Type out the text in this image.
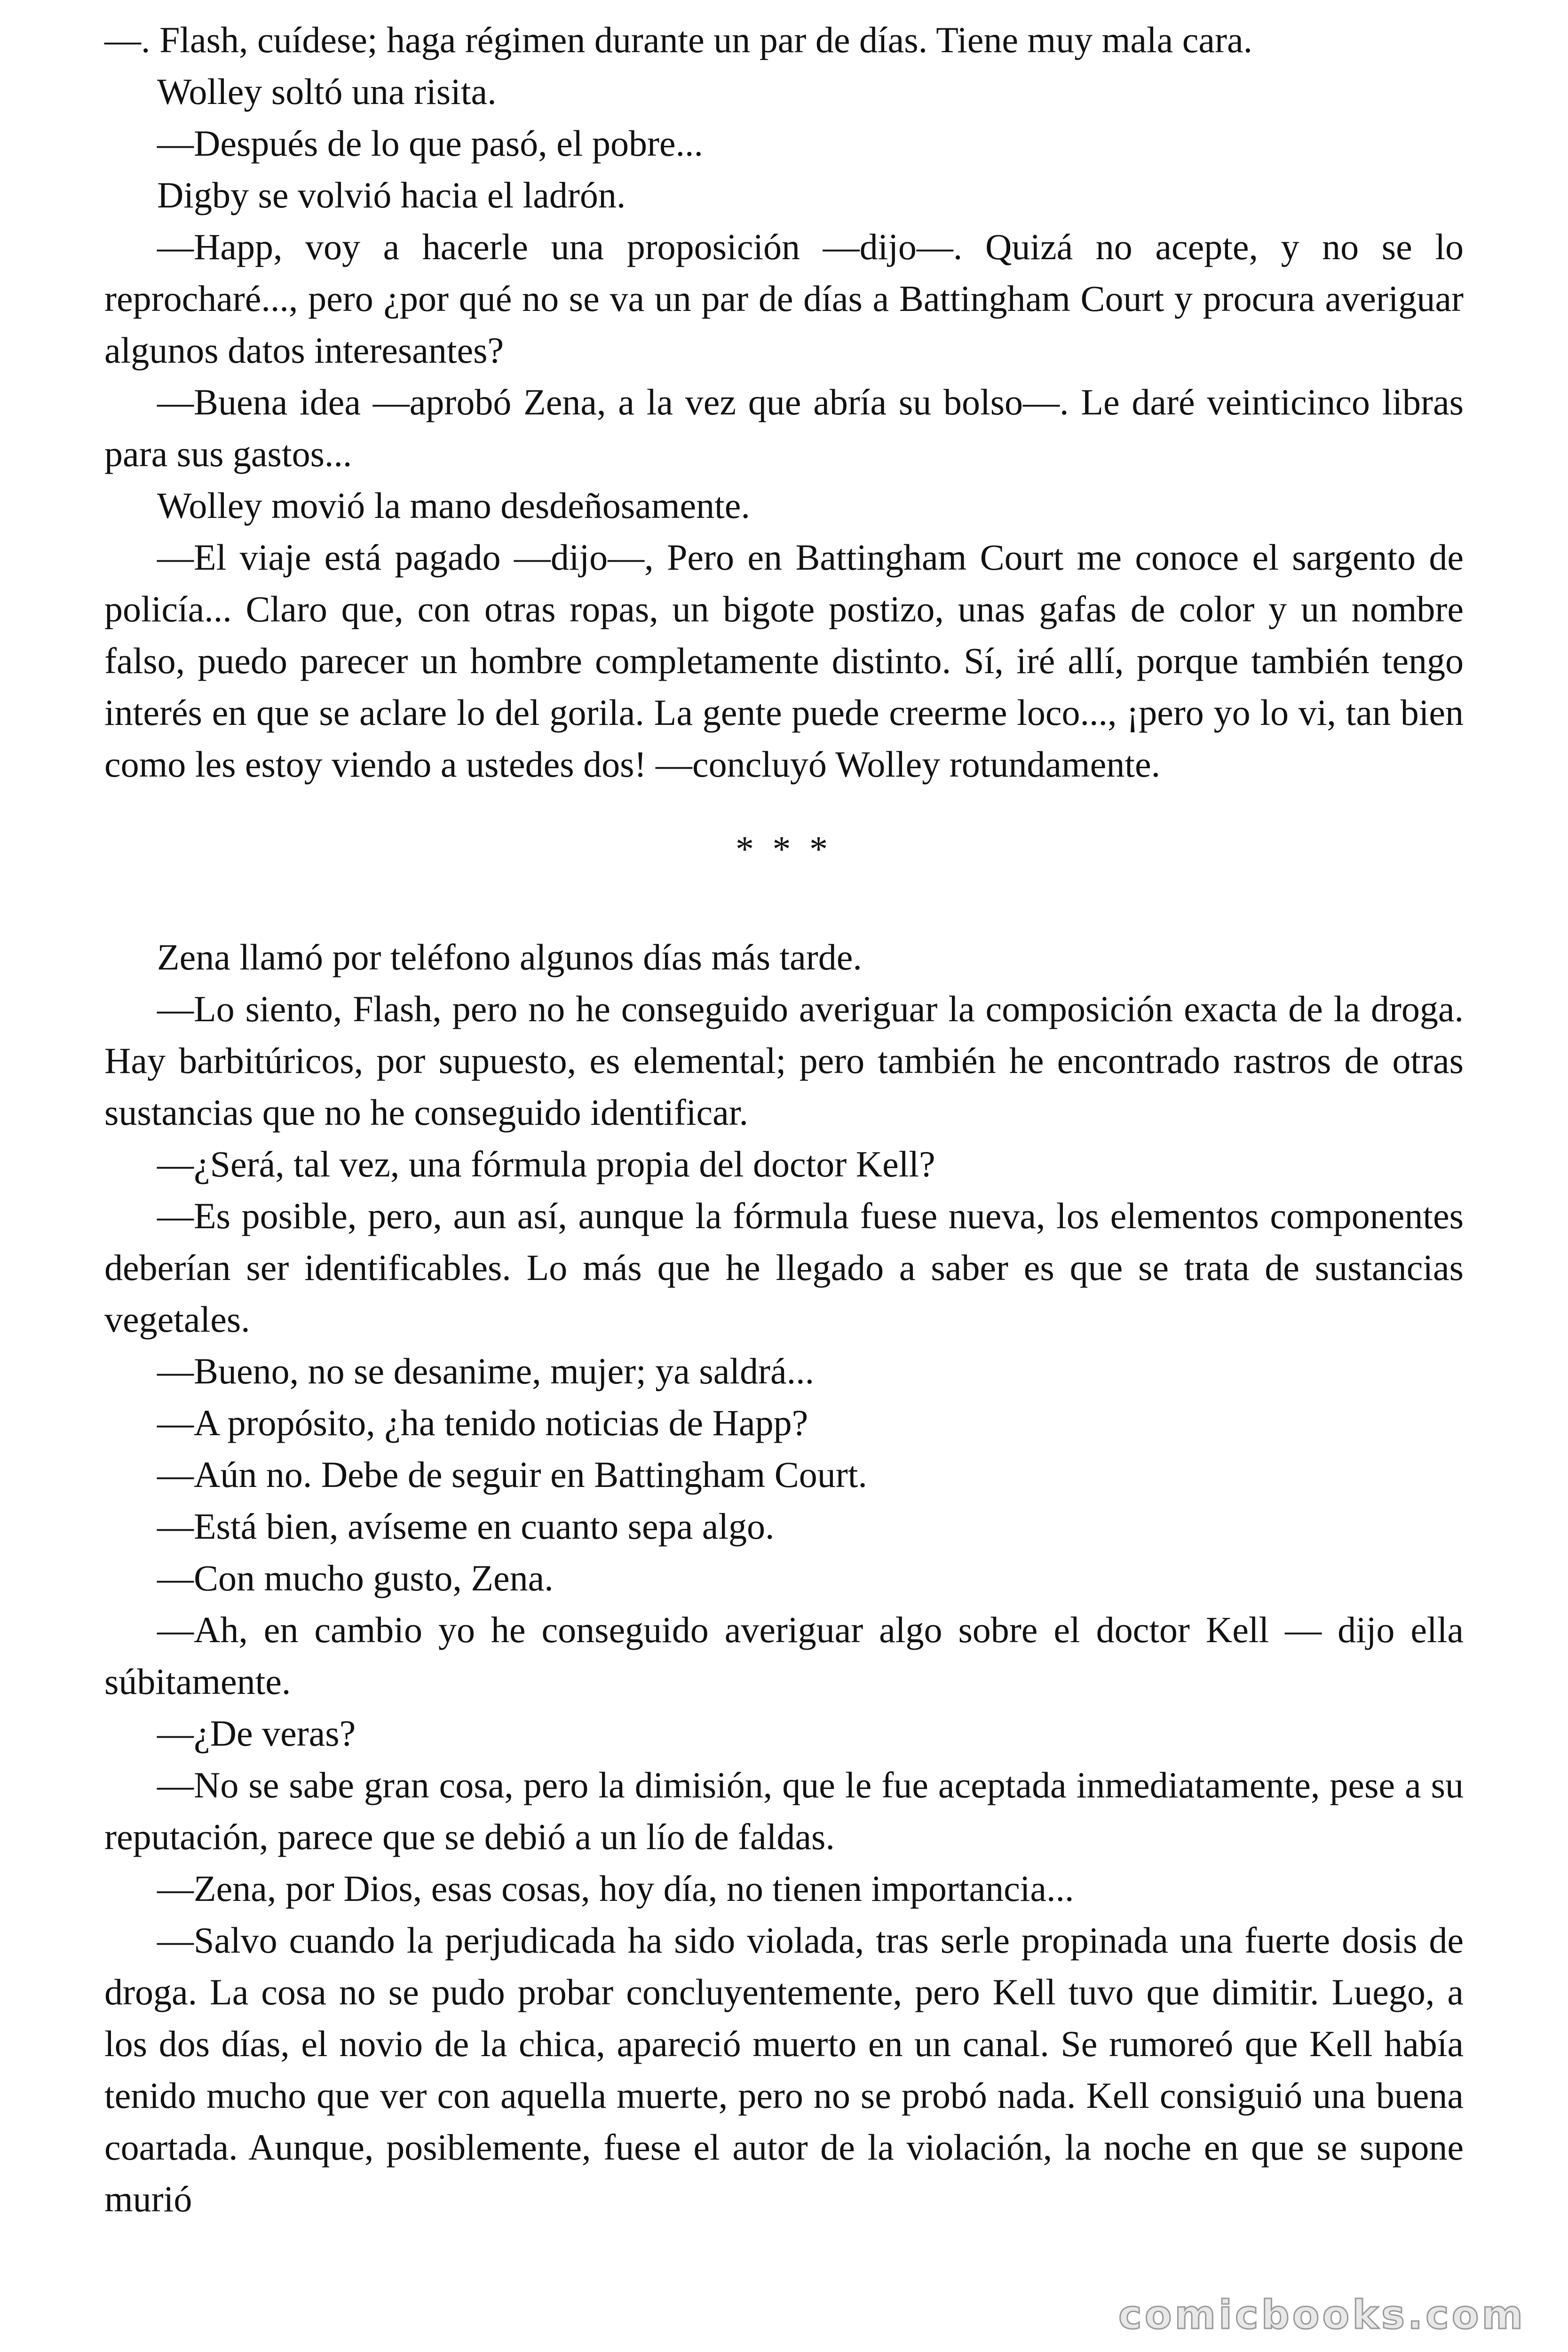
—. Flash, cuídese; haga régimen durante un par de días. Tiene muy mala cara.

Wolley soltó una risita.

—Después de lo que pasó, el pobre...

Digby se volvió hacia el ladrón.

—Happ, voy a hacerle una proposición —dijo—. Quizá no acepte, y no se lo reprocharé..., pero ¿por qué no se va un par de días a Battingham Court y procura averiguar algunos datos interesantes?

—Buena idea —aprobó Zena, a la vez que abría su bolso—. Le daré veinticinco libras para sus gastos...

Wolley movió la mano desdeñosamente.

—El viaje está pagado —dijo—, Pero en Battingham Court me conoce el sargento de policía... Claro que, con otras ropas, un bigote postizo, unas gafas de color y un nombre falso, puedo parecer un hombre completamente distinto. Sí, iré allí, porque también tengo interés en que se aclare lo del gorila. La gente puede creerme loco..., ¡pero yo lo vi, tan bien como les estoy viendo a ustedes dos! —concluyó Wolley rotundamente.

* * *

Zena llamó por teléfono algunos días más tarde.

—Lo siento, Flash, pero no he conseguido averiguar la composición exacta de la droga. Hay barbitúricos, por supuesto, es elemental; pero también he encontrado rastros de otras sustancias que no he conseguido identificar.

—¿Será, tal vez, una fórmula propia del doctor Kell?

—Es posible, pero, aun así, aunque la fórmula fuese nueva, los elementos componentes deberían ser identificables. Lo más que he llegado a saber es que se trata de sustancias vegetales.

—Bueno, no se desanime, mujer; ya saldrá...

—A propósito, ¿ha tenido noticias de Happ?

—Aún no. Debe de seguir en Battingham Court.

—Está bien, avíseme en cuanto sepa algo.

—Con mucho gusto, Zena.

—Ah, en cambio yo he conseguido averiguar algo sobre el doctor Kell — dijo ella súbitamente.

—¿De veras?

—No se sabe gran cosa, pero la dimisión, que le fue aceptada inmediatamente, pese a su reputación, parece que se debió a un lío de faldas.

—Zena, por Dios, esas cosas, hoy día, no tienen importancia...

—Salvo cuando la perjudicada ha sido violada, tras serle propinada una fuerte dosis de droga. La cosa no se pudo probar concluyentemente, pero Kell tuvo que dimitir. Luego, a los dos días, el novio de la chica, apareció muerto en un canal. Se rumoreó que Kell había tenido mucho que ver con aquella muerte, pero no se probó nada. Kell consiguió una buena coartada. Aunque, posiblemente, fuese el autor de la violación, la noche en que se supone murió

comicbooks.com
